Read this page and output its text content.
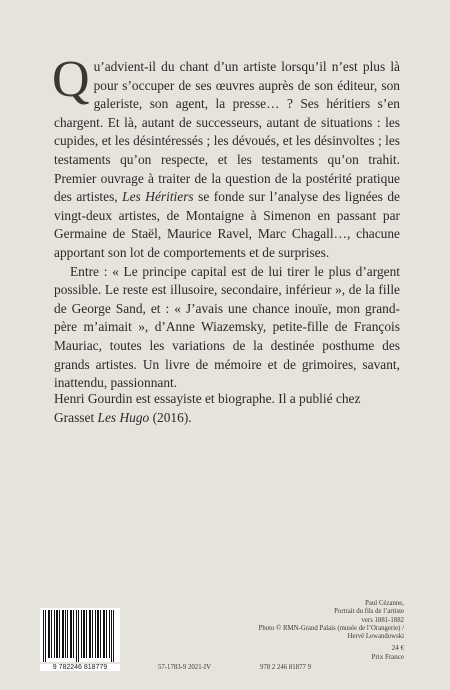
Qu’advient-il du chant d’un artiste lorsqu’il n’est plus là pour s’occuper de ses œuvres auprès de son éditeur, son galeriste, son agent, la presse… ? Ses héritiers s’en chargent. Et là, autant de successeurs, autant de situations : les cupides, et les désintéressés ; les dévoués, et les désinvoltes ; les testaments qu’on respecte, et les testaments qu’on trahit. Premier ouvrage à traiter de la question de la postérité pratique des artistes, Les Héritiers se fonde sur l’analyse des lignées de vingt-deux artistes, de Montaigne à Simenon en passant par Germaine de Staël, Maurice Ravel, Marc Chagall…, chacune apportant son lot de comportements et de surprises.

Entre : « Le principe capital est de lui tirer le plus d’argent possible. Le reste est illusoire, secondaire, inférieur », de la fille de George Sand, et : « J’avais une chance inouïe, mon grand-père m’aimait », d’Anne Wiazemsky, petite-fille de François Mauriac, toutes les variations de la destinée posthume des grands artistes. Un livre de mémoire et de grimoires, savant, inattendu, passionnant.

Henri Gourdin est essayiste et biographe. Il a publié chez Grasset Les Hugo (2016).
Paul Cézanne,
Portrait du fils de l’artiste
vers 1881-1882
Photo © RMN-Grand Palais (musée de l’Orangerie) /
Hervé Lewandowski
24 €
Prix France
9 782246 818779	57-1783-9 2021-IV	978 2 246 81877 9
